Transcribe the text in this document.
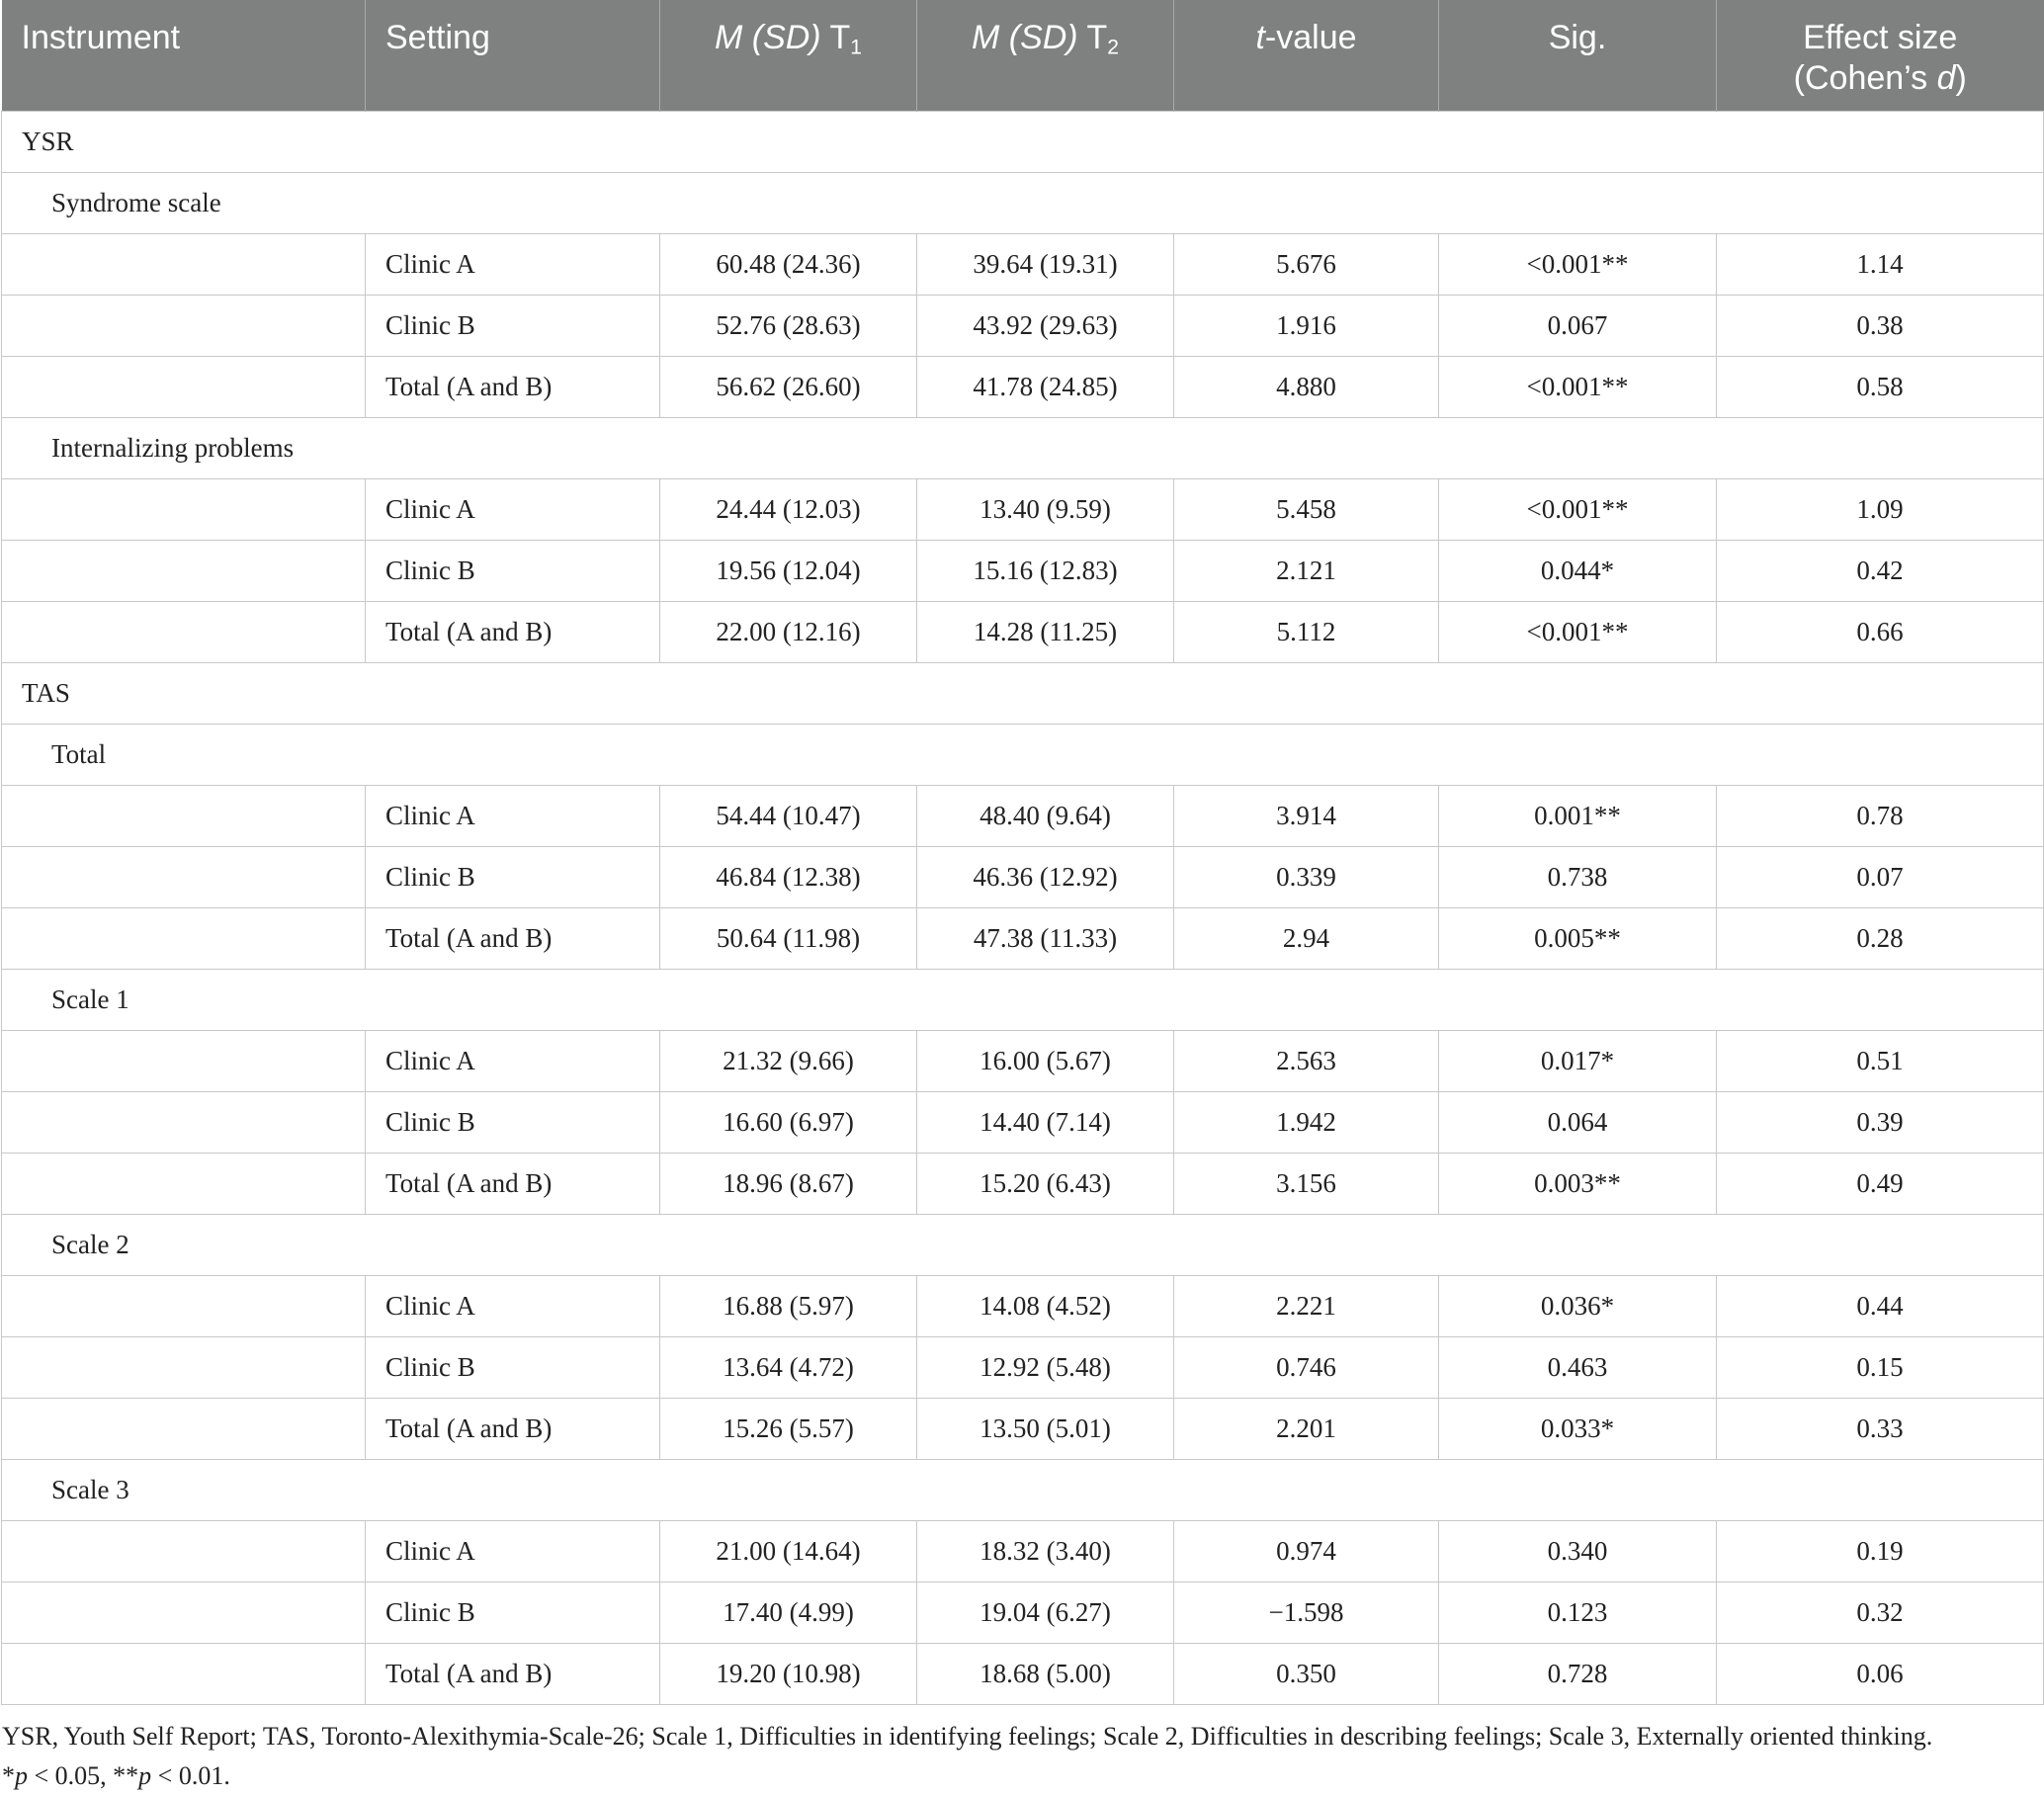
Instrument	Setting	M (SD) $T_1$	M (SD) $T_2$	t-value	Sig.	Effect size
(Cohen’s d)
YSR						
Syndrome scale						
	Clinic A	60.48 (24.36)	39.64 (19.31)	5.676	<0.001**	1.14
	Clinic B	52.76 (28.63)	43.92 (29.63)	1.916	0.067	0.38
	Total (A and B)	56.62 (26.60)	41.78 (24.85)	4.880	<0.001**	0.58
Internalizing problems						
	Clinic A	24.44 (12.03)	13.40 (9.59)	5.458	<0.001**	1.09
	Clinic B	19.56 (12.04)	15.16 (12.83)	2.121	0.044*	0.42
	Total (A and B)	22.00 (12.16)	14.28 (11.25)	5.112	<0.001**	0.66
TAS						
Total						
	Clinic A	54.44 (10.47)	48.40 (9.64)	3.914	0.001**	0.78
	Clinic B	46.84 (12.38)	46.36 (12.92)	0.339	0.738	0.07
	Total (A and B)	50.64 (11.98)	47.38 (11.33)	2.94	0.005**	0.28
Scale 1						
	Clinic A	21.32 (9.66)	16.00 (5.67)	2.563	0.017*	0.51
	Clinic B	16.60 (6.97)	14.40 (7.14)	1.942	0.064	0.39
	Total (A and B)	18.96 (8.67)	15.20 (6.43)	3.156	0.003**	0.49
Scale 2						
	Clinic A	16.88 (5.97)	14.08 (4.52)	2.221	0.036*	0.44
	Clinic B	13.64 (4.72)	12.92 (5.48)	0.746	0.463	0.15
	Total (A and B)	15.26 (5.57)	13.50 (5.01)	2.201	0.033*	0.33
Scale 3						
	Clinic A	21.00 (14.64)	18.32 (3.40)	0.974	0.340	0.19
	Clinic B	17.40 (4.99)	19.04 (6.27)	−1.598	0.123	0.32
	Total (A and B)	19.20 (10.98)	18.68 (5.00)	0.350	0.728	0.06

YSR, Youth Self Report; TAS, Toronto-Alexithymia-Scale-26; Scale 1, Difficulties in identifying feelings; Scale 2, Difficulties in describing feelings; Scale 3, Externally oriented thinking.

*p < 0.05, **p < 0.01.
